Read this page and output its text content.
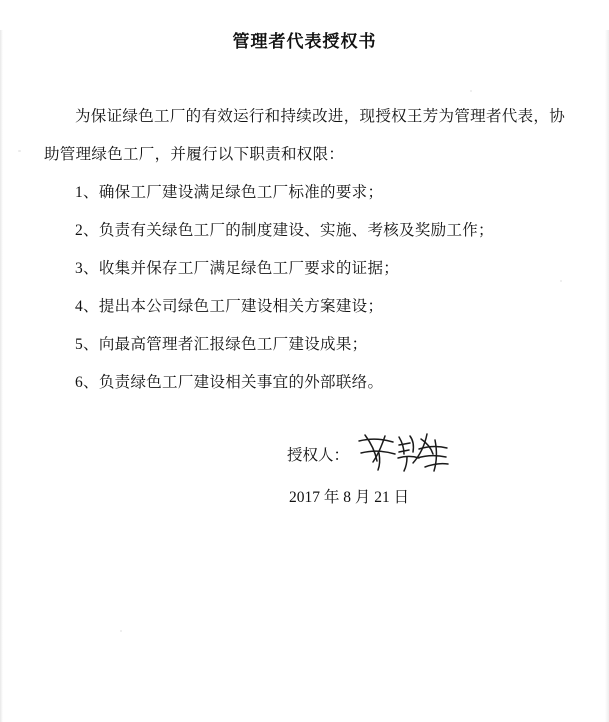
管理者代表授权书

为保证绿色工厂的有效运行和持续改进，现授权王芳为管理者代表，协助管理绿色工厂，并履行以下职责和权限：

1、确保工厂建设满足绿色工厂标准的要求；
2、负责有关绿色工厂的制度建设、实施、考核及奖励工作；
3、收集并保存工厂满足绿色工厂要求的证据；
4、提出本公司绿色工厂建设相关方案建设；
5、向最高管理者汇报绿色工厂建设成果；
6、负责绿色工厂建设相关事宜的外部联络。
授权人：
2017 年 8 月 21 日
